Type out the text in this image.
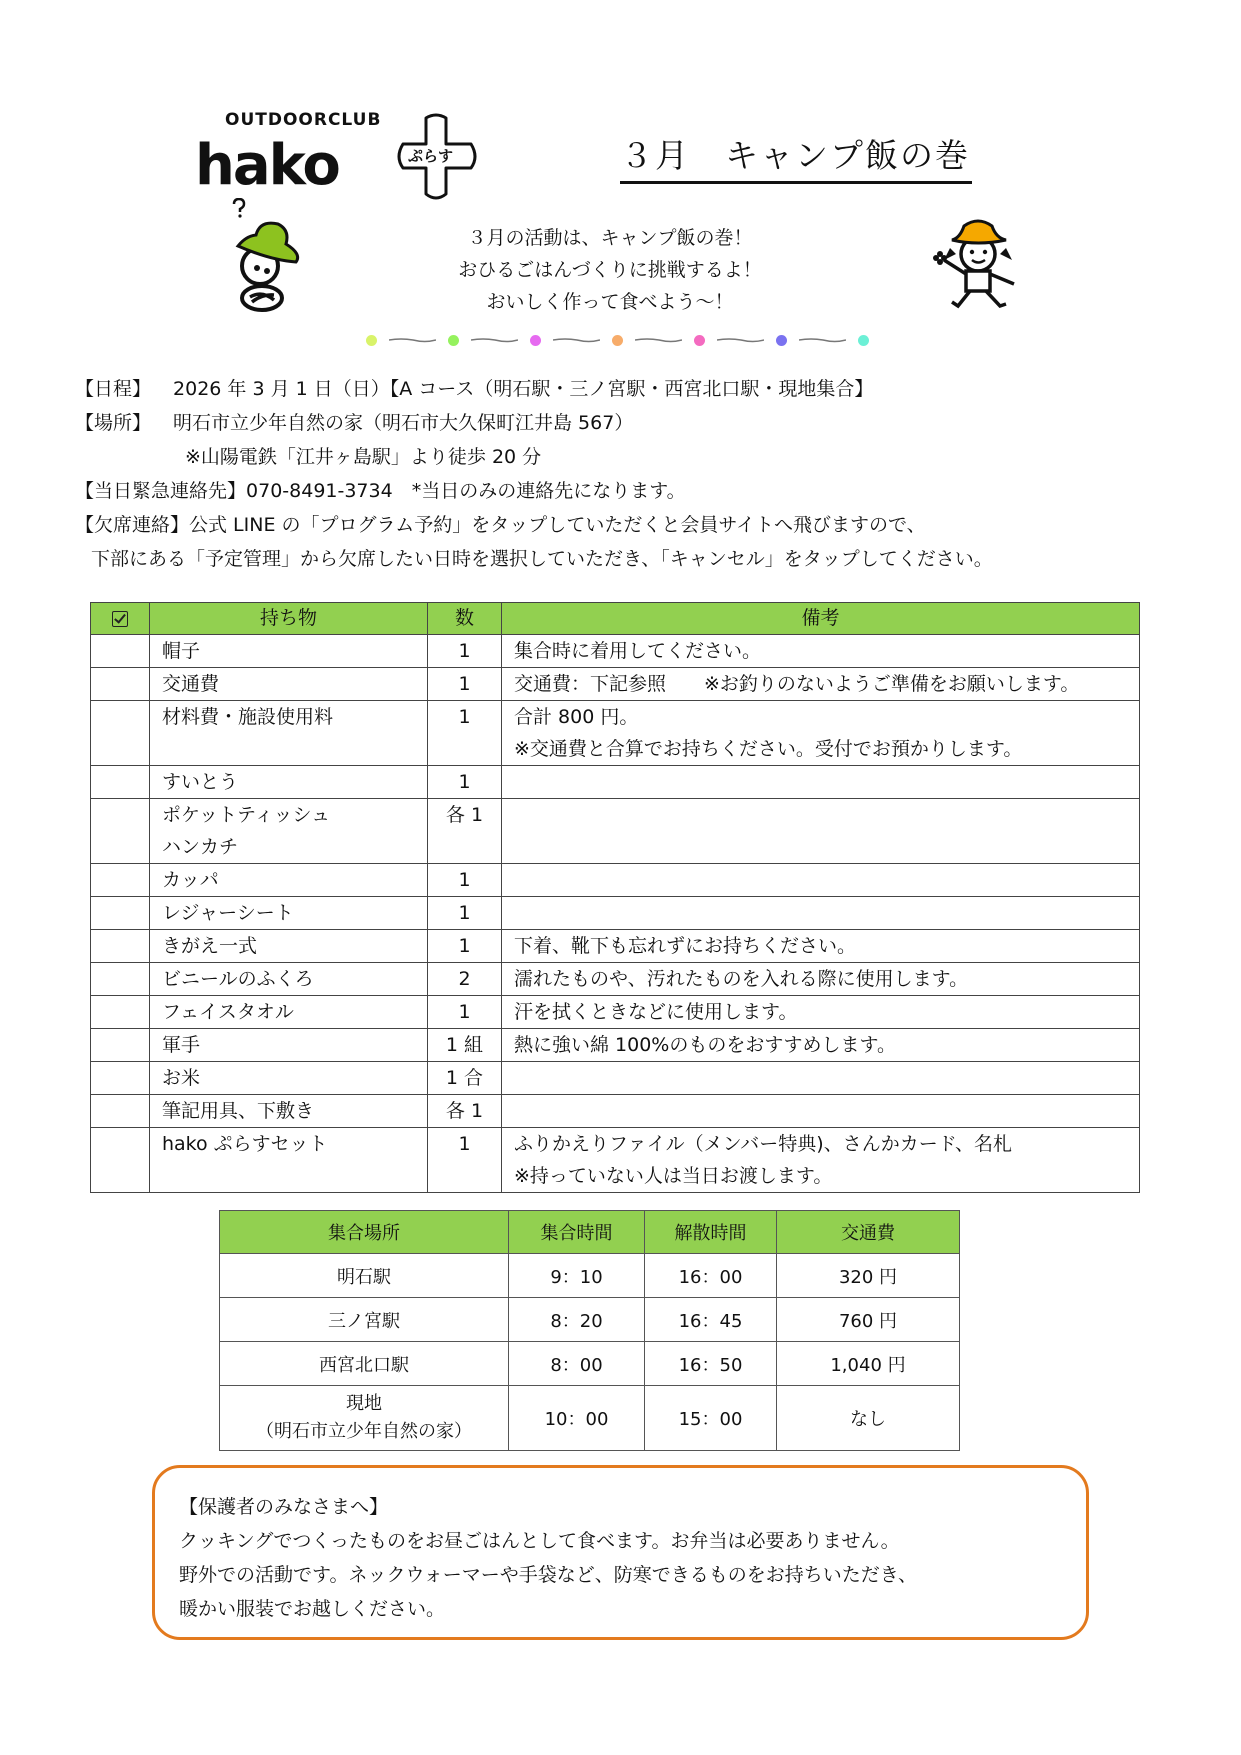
OUTDOORCLUB
hako	ぷらす	３月　キャンプ飯の巻
３月の活動は、キャンプ飯の巻！
おひるごはんづくりに挑戦するよ！
おいしく作って食べよう～！
【日程】 2026 年 3 月 1 日（日）【A コース（明石駅・三ノ宮駅・西宮北口駅・現地集合】
【場所】 明石市立少年自然の家（明石市大久保町江井島 567）
※山陽電鉄「江井ヶ島駅」より徒歩 20 分
【当日緊急連絡先】070-8491-3734　*当日のみの連絡先になります。
【欠席連絡】公式 LINE の「プログラム予約」をタップしていただくと会員サイトへ飛びますので、
下部にある「予定管理」から欠席したい日時を選択していただき、「キャンセル」をタップしてください。
	持ち物	数	備考

	帽子	1	集合時に着用してください。

	交通費	1	交通費：下記参照　　※お釣りのないようご準備をお願いします。

	材料費・施設使用料	1	合計 800 円。
※交通費と合算でお持ちください。受付でお預かりします。

	すいとう	1	

	ポケットティッシュ
ハンカチ	各 1	

	カッパ	1	

	レジャーシート	1	

	きがえ一式	1	下着、靴下も忘れずにお持ちください。

	ビニールのふくろ	2	濡れたものや、汚れたものを入れる際に使用します。

	フェイスタオル	1	汗を拭くときなどに使用します。

	軍手	1 組	熱に強い綿 100%のものをおすすめします。

	お米	1 合	

	筆記用具、下敷き	各 1	

	hako ぷらすセット	1	ふりかえりファイル（メンバー特典)、さんかカード、名札
※持っていない人は当日お渡します。
集合場所	集合時間	解散時間	交通費

明石駅	9：10	16：00	320 円

三ノ宮駅	8：20	16：45	760 円

西宮北口駅	8：00	16：50	1,040 円

現地
（明石市立少年自然の家）	10：00	15：00	なし
【保護者のみなさまへ】
クッキングでつくったものをお昼ごはんとして食べます。お弁当は必要ありません。
野外での活動です。ネックウォーマーや手袋など、防寒できるものをお持ちいただき、
暖かい服装でお越しください。
